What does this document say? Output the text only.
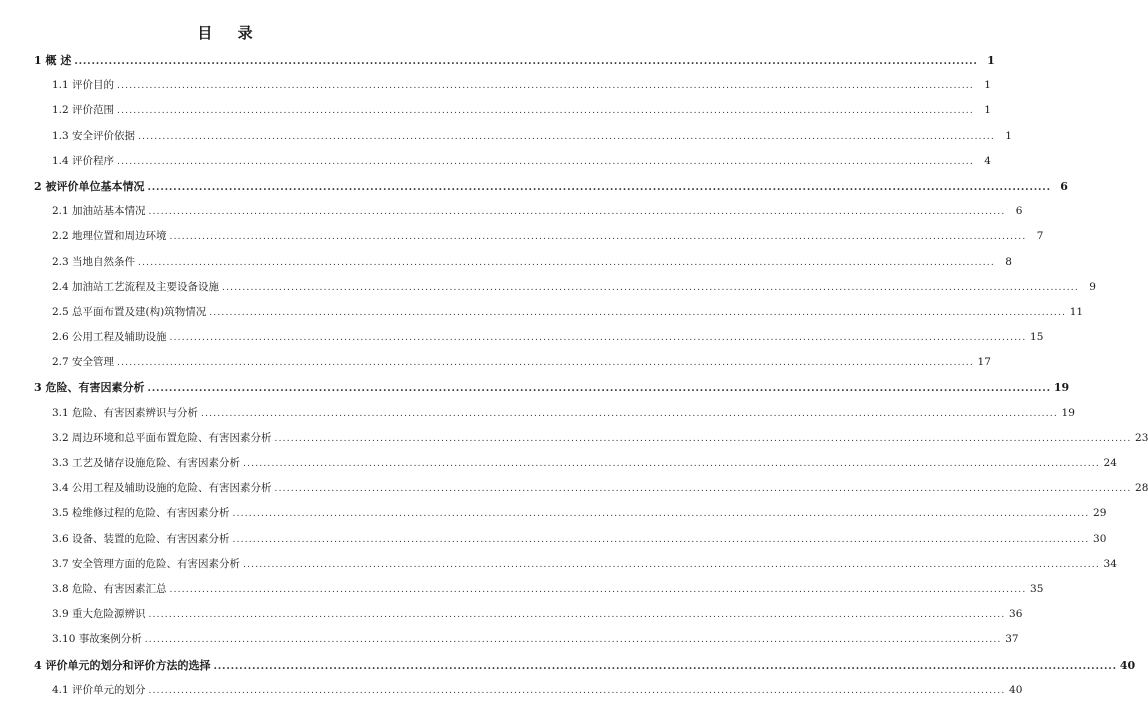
目 录
1 概 述 ................................................................................................................................................................................................................... 1
1.1 评价目的 ................................................................................................................................................................................................................... 1
1.2 评价范围 ................................................................................................................................................................................................................... 1
1.3 安全评价依据 ................................................................................................................................................................................................................... 1
1.4 评价程序 ................................................................................................................................................................................................................... 4
2 被评价单位基本情况 ................................................................................................................................................................................................................... 6
2.1 加油站基本情况 ................................................................................................................................................................................................................... 6
2.2 地理位置和周边环境 ................................................................................................................................................................................................................... 7
2.3 当地自然条件 ................................................................................................................................................................................................................... 8
2.4 加油站工艺流程及主要设备设施 ................................................................................................................................................................................................................... 9
2.5 总平面布置及建(构)筑物情况 ................................................................................................................................................................................................................... 11
2.6 公用工程及辅助设施 ................................................................................................................................................................................................................... 15
2.7 安全管理 ................................................................................................................................................................................................................... 17
3 危险、有害因素分析 ................................................................................................................................................................................................................... 19
3.1 危险、有害因素辨识与分析 ................................................................................................................................................................................................................... 19
3.2 周边环境和总平面布置危险、有害因素分析 ................................................................................................................................................................................................................... 23
3.3 工艺及储存设施危险、有害因素分析 ................................................................................................................................................................................................................... 24
3.4 公用工程及辅助设施的危险、有害因素分析 ................................................................................................................................................................................................................... 28
3.5 检维修过程的危险、有害因素分析 ................................................................................................................................................................................................................... 29
3.6 设备、装置的危险、有害因素分析 ................................................................................................................................................................................................................... 30
3.7 安全管理方面的危险、有害因素分析 ................................................................................................................................................................................................................... 34
3.8 危险、有害因素汇总 ................................................................................................................................................................................................................... 35
3.9 重大危险源辨识 ................................................................................................................................................................................................................... 36
3.10 事故案例分析 ................................................................................................................................................................................................................... 37
4 评价单元的划分和评价方法的选择 ................................................................................................................................................................................................................... 40
4.1 评价单元的划分 ................................................................................................................................................................................................................... 40
